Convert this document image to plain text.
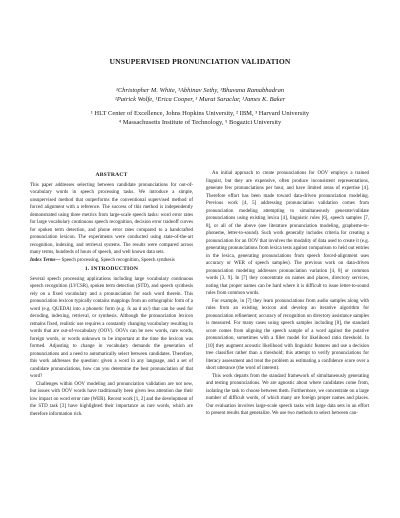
UNSUPERVISED PRONUNCIATION VALIDATION
¹Christopher M. White, ³Abhinav Sethy, ³Bhuvana Ramabhadran
¹Patrick Wolfe, ¹Erica Cooper, ¹ Murat Saraclar, ¹James K. Baker
¹ HLT Center of Excellence, Johns Hopkins University, ² IBM, ³ Harvard University
⁴ Massachusetts Institute of Technology, ⁵ Bogazici University
ABSTRACT

This paper addresses selecting between candidate pronunciations for out-of-vocabulary words in speech processing tasks. We introduce a simple, unsupervised method that outperforms the conventional supervised method of forced alignment with a reference. The success of this method is independently demonstrated using three metrics from large-scale speech tasks: word error rates for large vocabulary continuous speech recognition, decision error tradeoff curves for spoken term detection, and phone error rates compared to a handcrafted pronunciation lexicon. The experiments were conducted using state-of-the-art recognition, indexing, and retrieval systems. The results were compared across many terms, hundreds of hours of speech, and well known data sets.

Index Terms— Speech processing, Speech recognition, Speech synthesis

1. INTRODUCTION

Several speech processing applications including large vocabulary continuous speech recognition (LVCSR), spoken term detection (STD), and speech synthesis rely on a fixed vocabulary and a pronunciation for each word therein. This pronunciation lexicon typically contains mappings from an orthographic form of a word (e.g. QUEDA) into a phonetic form (e.g. /k aa d ax/) that can be used for decoding, indexing, retrieval, or synthesis. Although the pronunciation lexicon remains fixed, realistic use requires a constantly changing vocabulary resulting in words that are out-of-vocabulary (OOV). OOVs can be new words, rare words, foreign words, or words unknown to be important at the time the lexicon was formed. Adjusting to change in vocabulary demands the generation of pronunciations and a need to automatically select between candidates. Therefore, this work addresses the question: given a word in any language, and a set of candidate pronunciations, how can you determine the best pronunciation of that word?

Challenges within OOV modeling and pronunciation validation are not new, but issues with OOV words have traditionally been given less attention due their low impact on word error rate (WER). Recent work [1, 2] and the development of the STD task [3] have highlighted their importance as rare words, which are therefore information rich.

An initial approach to create pronunciations for OOV employs a trained linguist, but they are expensive, often produce inconsistent representations, generate few pronunciations per hour, and have limited areas of expertise [4]. Therefore effort has been made toward data-driven pronunciation modeling. Previous work [4, 5] addressing pronunciation validation comes from pronunciation modeling attempting to simultaneously generate/validate pronunciations using existing lexica [4], linguistic rules [6], speech samples [7, 8], or all of the above (see literature pronunciation modeling, grapheme-to-phoneme, letter-to-sound). Such work generally includes criteria for creating a pronunciation for an OOV that involves the modality of data used to create it (e.g. generating pronunciations from lexica tests against comparison to held out entries in the lexica, generating pronunciations from speech forced-alignment uses accuracy or WER of speech samples). The previous work on data-driven pronunciation modeling addresses pronunciation variation [4, 8] or common words [3, 9]. In [7] they concentrate on names and places, directory services, noting that proper names can be hard where it is difficult to issue letter-to-sound rules from common words.

For example, in [7] they learn pronunciations from audio samples along with rules from an existing lexicon and develop an iterative algorithm for pronunciation refinement; accuracy of recognition on directory assistance samples is measured. For many cases using speech samples including [8], the standard score comes from aligning the speech sample of a word against the putative pronunciation, sometimes with a filler model for likelihood ratio threshold. In [10] they augment acoustic likelihood with linguistic features and use a decision tree classifier rather than a threshold; this attempt to verify pronunciations for literacy assessment and treat the problem as estimating a confidence score over a short utterance (the word of interest).

This work departs from the standard framework of simultaneously generating and testing pronunciations. We are agnostic about where candidates come from, isolating the task to choose between them. Furthermore, we concentrate on a large number of difficult words, of which many are foreign proper names and places. Our evaluation involves large-scale speech tasks with large data sets in an effort to present results that generalize. We use two methods to select between can-
